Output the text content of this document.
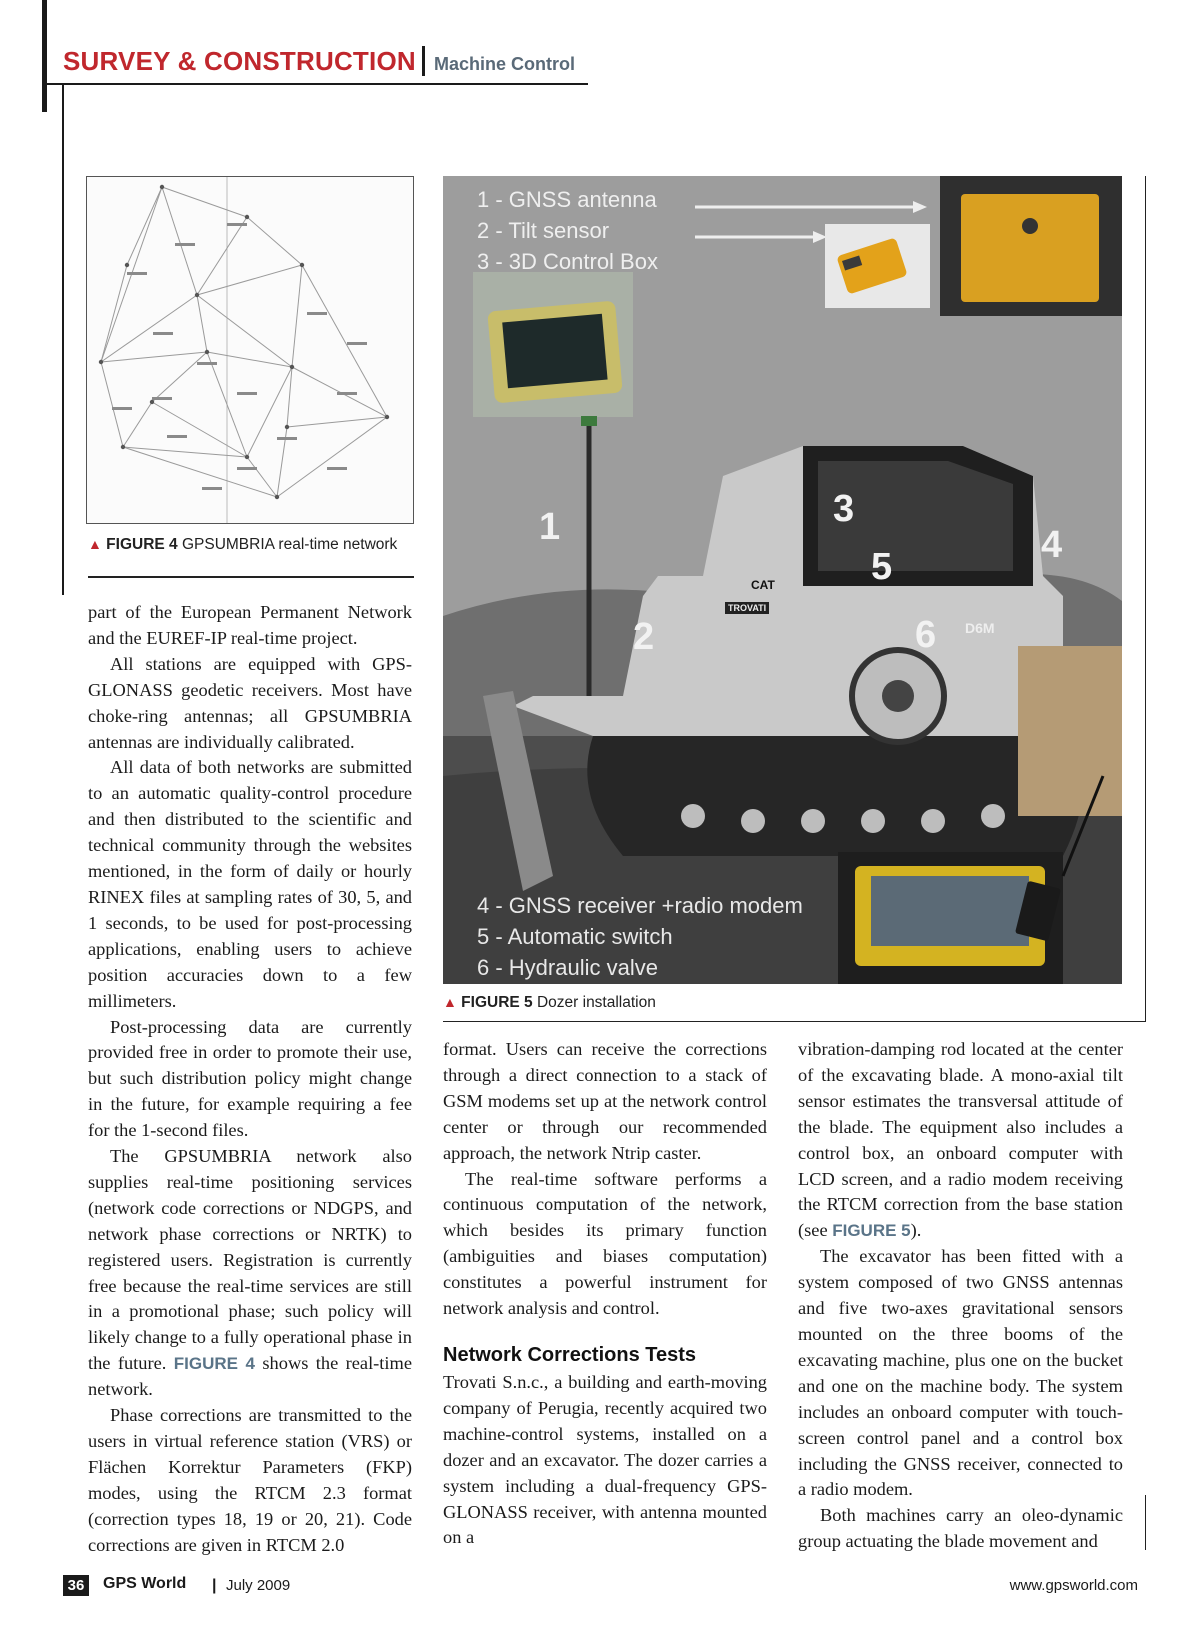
SURVEY & CONSTRUCTION Machine Control
▲ FIGURE 4 GPSUMBRIA real-time network
1 - GNSS antenna
2 - Tilt sensor
3 - 3D Control Box
4 - GNSS receiver +radio modem
5 - Automatic switch
6 - Hydraulic valve
1
2
3
4
5
6
CAT
D6M
TROVATI
▲ FIGURE 5 Dozer installation

part of the European Permanent Network and the EUREF-IP real-time project.

All stations are equipped with GPS-GLONASS geodetic receivers. Most have choke-ring antennas; all GPSUMBRIA antennas are individually calibrated.

All data of both networks are submitted to an automatic quality-control procedure and then distributed to the scientific and technical community through the websites mentioned, in the form of daily or hourly RINEX files at sampling rates of 30, 5, and 1 seconds, to be used for post-processing applications, enabling users to achieve position accuracies down to a few millimeters.

Post-processing data are currently provided free in order to promote their use, but such distribution policy might change in the future, for example requiring a fee for the 1-second files.

The GPSUMBRIA network also supplies real-time positioning services (network code corrections or NDGPS, and network phase corrections or NRTK) to registered users. Registration is currently free because the real-time services are still in a promotional phase; such policy will likely change to a fully operational phase in the future. FIGURE 4 shows the real-time network.

Phase corrections are transmitted to the users in virtual reference station (VRS) or Flächen Korrektur Parameters (FKP) modes, using the RTCM 2.3 format (correction types 18, 19 or 20, 21). Code corrections are given in RTCM 2.0

format. Users can receive the corrections through a direct connection to a stack of GSM modems set up at the network control center or through our recommended approach, the network Ntrip caster.

The real-time software performs a continuous computation of the network, which besides its primary function (ambiguities and biases computation) constitutes a powerful instrument for network analysis and control.

Network Corrections Tests

Trovati S.n.c., a building and earth-moving company of Perugia, recently acquired two machine-control systems, installed on a dozer and an excavator. The dozer carries a system including a dual-frequency GPS-GLONASS receiver, with antenna mounted on a

vibration-damping rod located at the center of the excavating blade. A mono-axial tilt sensor estimates the transversal attitude of the blade. The equipment also includes a control box, an onboard computer with LCD screen, and a radio modem receiving the RTCM correction from the base station (see FIGURE 5).

The excavator has been fitted with a system composed of two GNSS antennas and five two-axes gravitational sensors mounted on the three booms of the excavating machine, plus one on the bucket and one on the machine body. The system includes an onboard computer with touch-screen control panel and a control box including the GNSS receiver, connected to a radio modem.

Both machines carry an oleo-dynamic group actuating the blade movement and

36 GPS World | July 2009	www.gpsworld.com
